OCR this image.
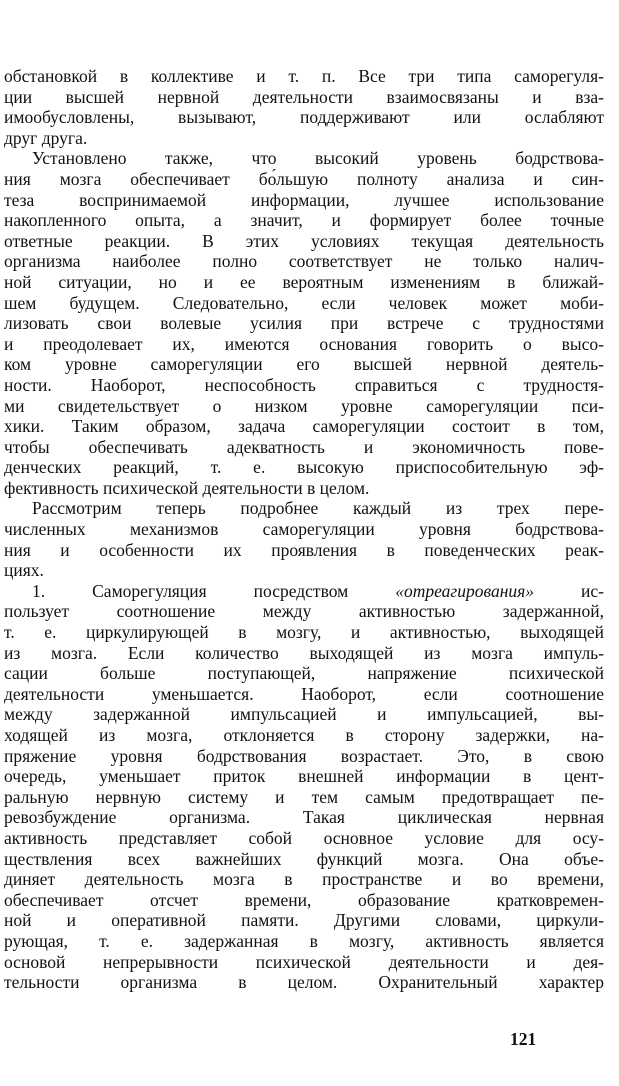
обстановкой в коллективе и т. п. Все три типа саморегуля-
ции высшей нервной деятельности взаимосвязаны и вза-
имообусловлены, вызывают, поддерживают или ослабляют
друг друга.

Установлено также, что высокий уровень бодрствова-
ния мозга обеспечивает бо́льшую полноту анализа и син-
теза воспринимаемой информации, лучшее использование
накопленного опыта, а значит, и формирует более точные
ответные реакции. В этих условиях текущая деятельность
организма наиболее полно соответствует не только налич-
ной ситуации, но и ее вероятным изменениям в ближай-
шем будущем. Следовательно, если человек может моби-
лизовать свои волевые усилия при встрече с трудностями
и преодолевает их, имеются основания говорить о высо-
ком уровне саморегуляции его высшей нервной деятель-
ности. Наоборот, неспособность справиться с трудностя-
ми свидетельствует о низком уровне саморегуляции пси-
хики. Таким образом, задача саморегуляции состоит в том,
чтобы обеспечивать адекватность и экономичность пове-
денческих реакций, т. е. высокую приспособительную эф-
фективность психической деятельности в целом.

Рассмотрим теперь подробнее каждый из трех пере-
численных механизмов саморегуляции уровня бодрствова-
ния и особенности их проявления в поведенческих реак-
циях.

1. Саморегуляция посредством «отреагирования» ис-
пользует соотношение между активностью задержанной,
т. е. циркулирующей в мозгу, и активностью, выходящей
из мозга. Если количество выходящей из мозга импуль-
сации больше поступающей, напряжение психической
деятельности уменьшается. Наоборот, если соотношение
между задержанной импульсацией и импульсацией, вы-
ходящей из мозга, отклоняется в сторону задержки, на-
пряжение уровня бодрствования возрастает. Это, в свою
очередь, уменьшает приток внешней информации в цент-
ральную нервную систему и тем самым предотвращает пе-
ревозбуждение организма. Такая циклическая нервная
активность представляет собой основное условие для осу-
ществления всех важнейших функций мозга. Она объе-
диняет деятельность мозга в пространстве и во времени,
обеспечивает отсчет времени, образование кратковремен-
ной и оперативной памяти. Другими словами, циркули-
рующая, т. е. задержанная в мозгу, активность является
основой непрерывности психической деятельности и дея-
тельности организма в целом. Охранительный характер

121
